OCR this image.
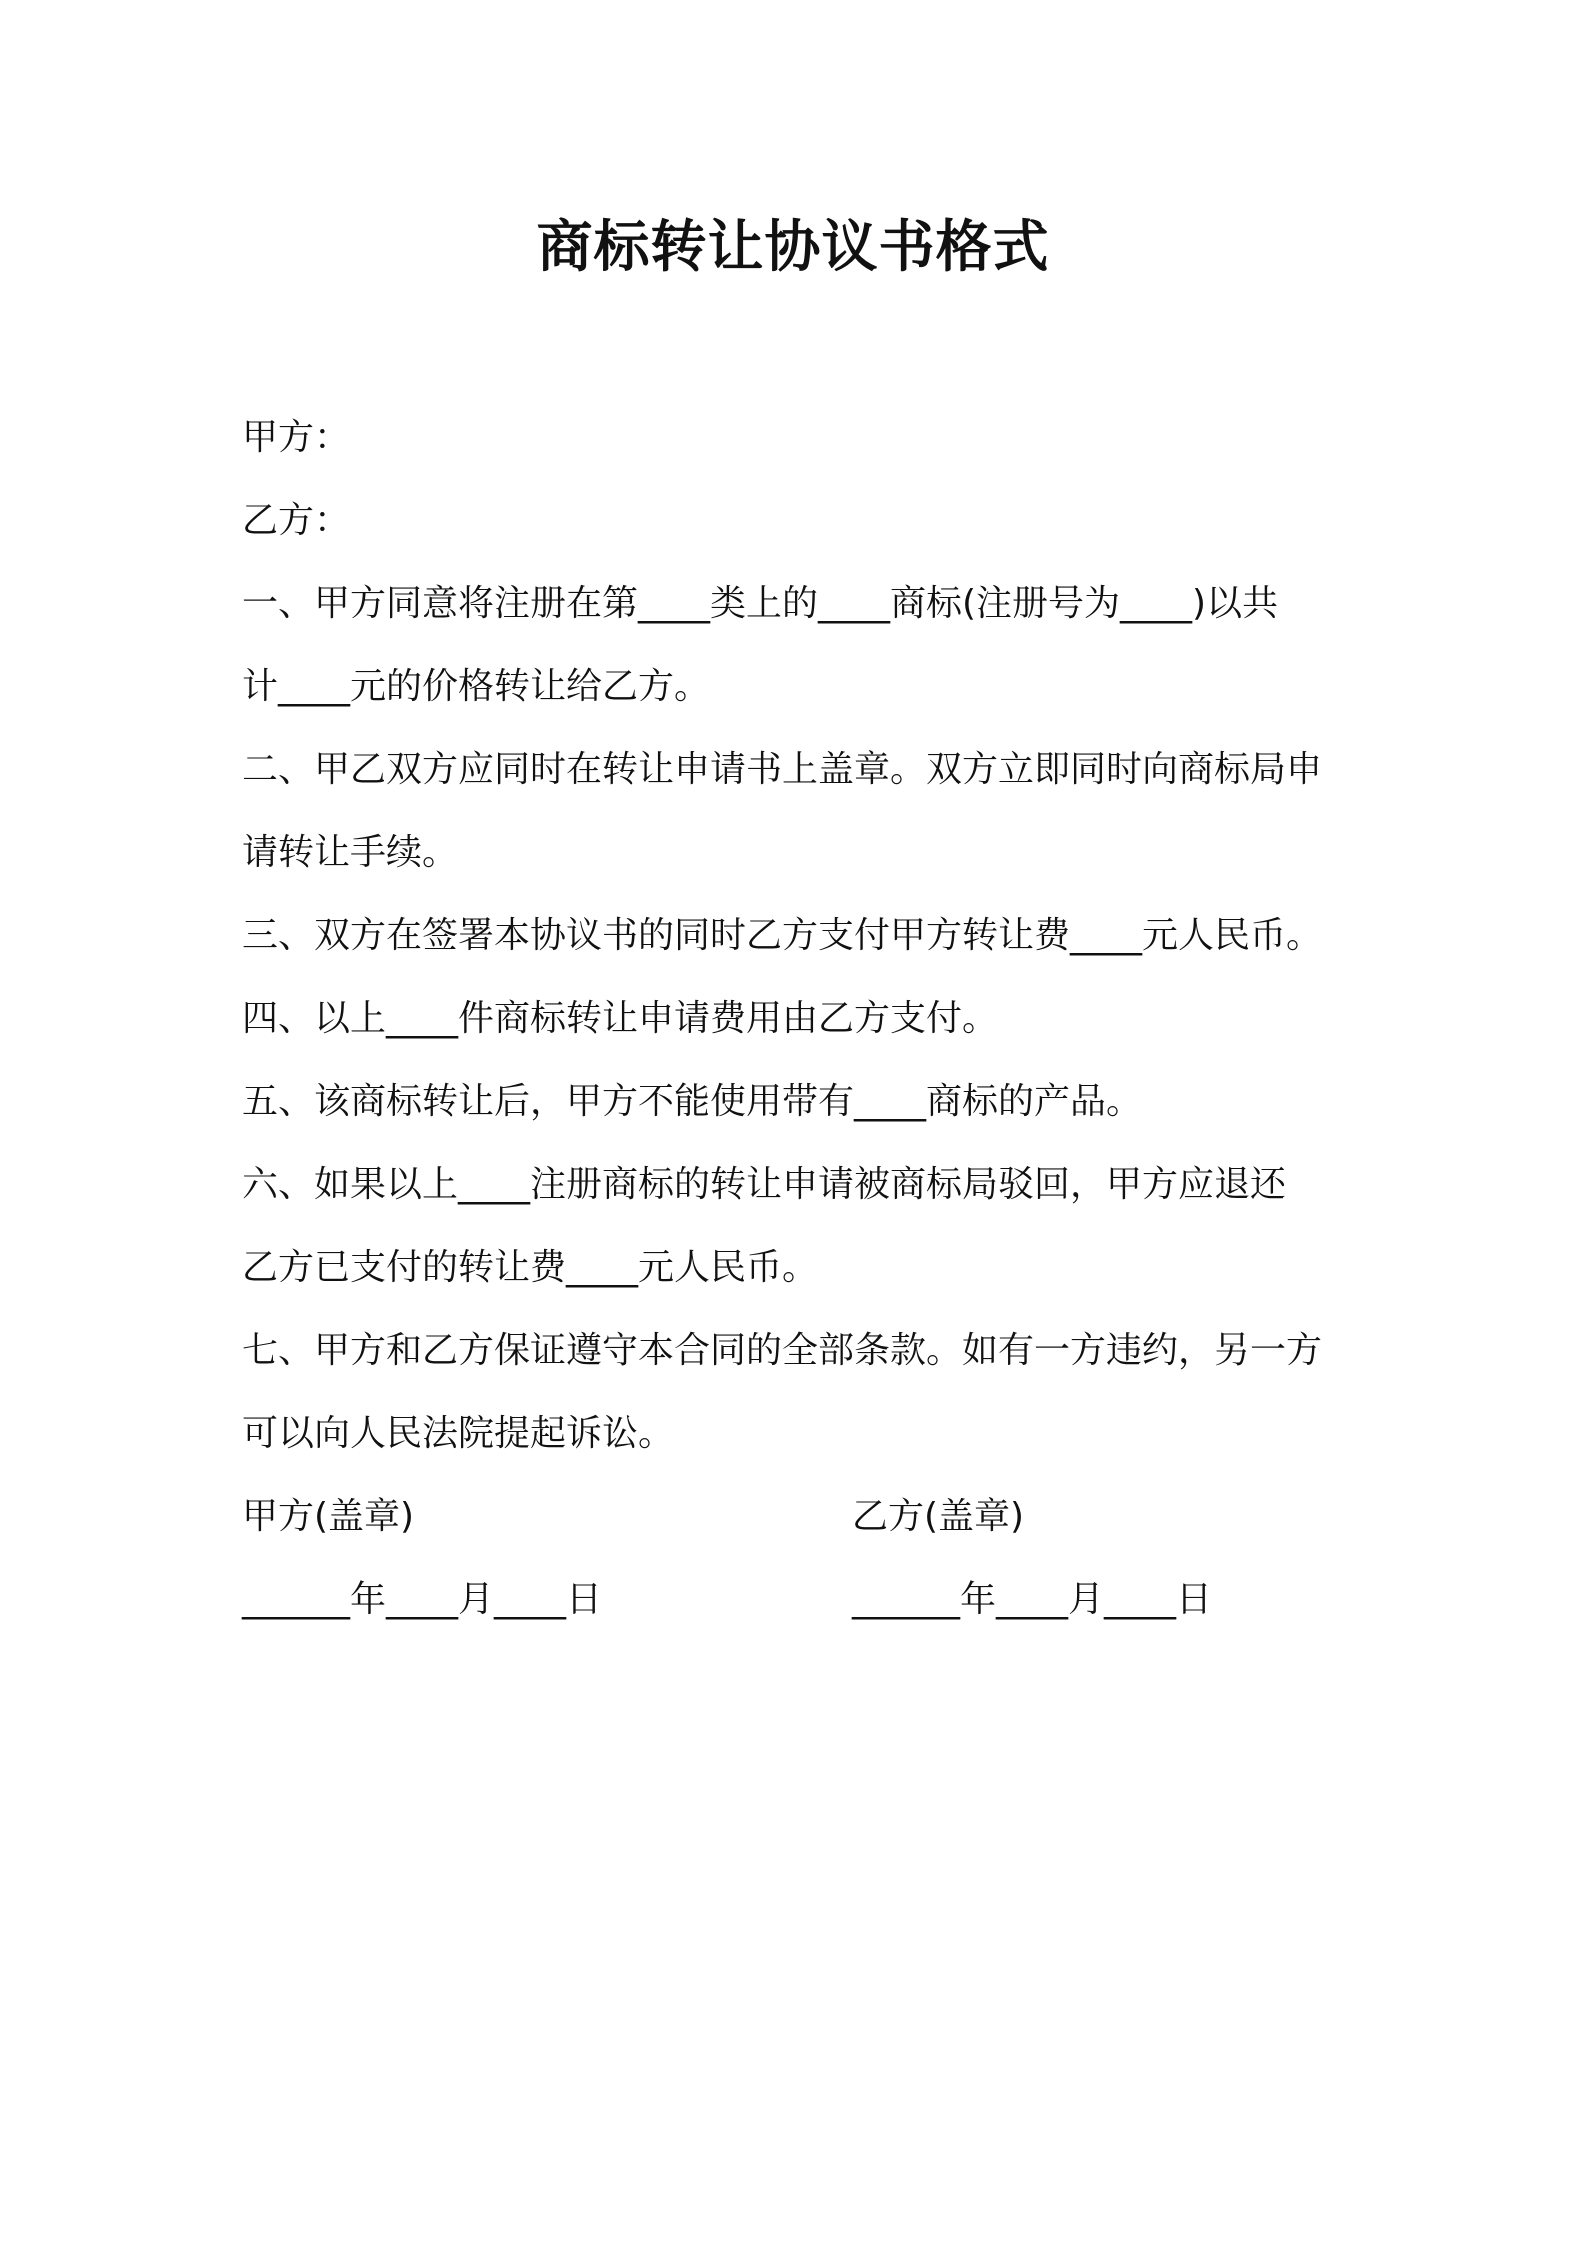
商标转让协议书格式
甲方：
乙方：
一、甲方同意将注册在第____类上的____商标(注册号为____)以共
计____元的价格转让给乙方。
二、甲乙双方应同时在转让申请书上盖章。双方立即同时向商标局申
请转让手续。
三、双方在签署本协议书的同时乙方支付甲方转让费____元人民币。
四、以上____件商标转让申请费用由乙方支付。
五、该商标转让后，甲方不能使用带有____商标的产品。
六、如果以上____注册商标的转让申请被商标局驳回，甲方应退还
乙方已支付的转让费____元人民币。
七、甲方和乙方保证遵守本合同的全部条款。如有一方违约，另一方
可以向人民法院提起诉讼。
甲方(盖章)	乙方(盖章)
______年____月____日	______年____月____日
